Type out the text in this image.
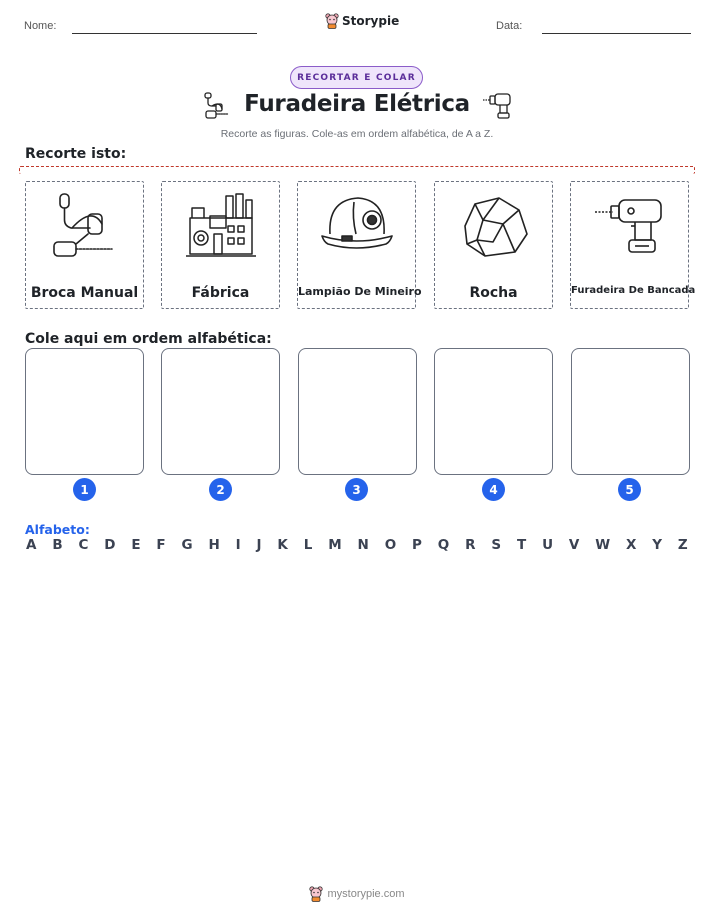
Nome:	Storypie	Data:
RECORTAR E COLAR
Furadeira Elétrica
Recorte as figuras. Cole-as em ordem alfabética, de A a Z.
Recorte isto:
Broca Manual	Fábrica	Lampião De Mineiro	Rocha	Furadeira De Bancada
Cole aqui em ordem alfabética:
1	2	3	4	5
Alfabeto:
A B C D E F G H I J K L M N O P Q R S T U V W X Y Z
mystorypie.com
